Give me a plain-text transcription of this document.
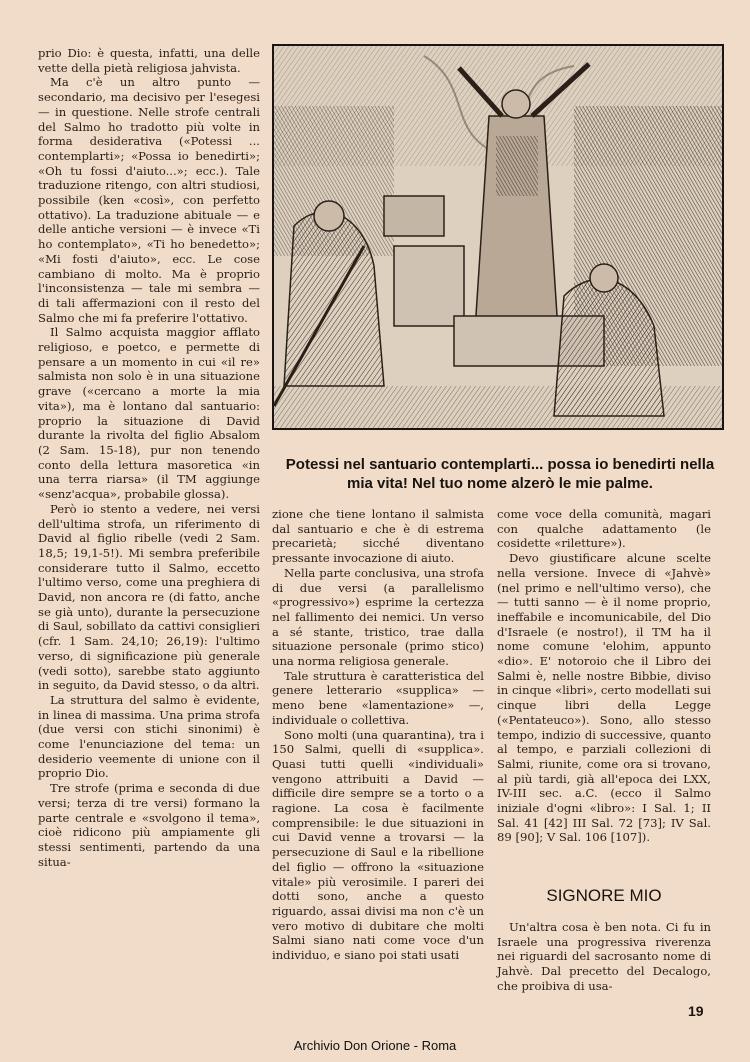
prio Dio: è questa, infatti, una delle vette della pietà religiosa jahvista.

Ma c'è un altro punto — secondario, ma decisivo per l'esegesi — in questione. Nelle strofe centrali del Salmo ho tradotto più volte in forma desiderativa («Potessi ... contemplarti»; «Possa io benedirti»; «Oh tu fossi d'aiuto...»; ecc.). Tale traduzione ritengo, con altri studiosi, possibile (ken «così», con perfetto ottativo). La traduzione abituale — e delle antiche versioni — è invece «Ti ho contemplato», «Ti ho benedetto»; «Mi fosti d'aiuto», ecc. Le cose cambiano di molto. Ma è proprio l'inconsistenza — tale mi sembra — di tali affermazioni con il resto del Salmo che mi fa preferire l'ottativo.

Il Salmo acquista maggior afflato religioso, e poetco, e permette di pensare a un momento in cui «il re» salmista non solo è in una situazione grave («cercano a morte la mia vita»), ma è lontano dal santuario: proprio la situazione di David durante la rivolta del figlio Absalom (2 Sam. 15-18), pur non tenendo conto della lettura masoretica «in una terra riarsa» (il TM aggiunge «senz'acqua», probabile glossa).

Però io stento a vedere, nei versi dell'ultima strofa, un riferimento di David al figlio ribelle (vedi 2 Sam. 18,5; 19,1-5!). Mi sembra preferibile considerare tutto il Salmo, eccetto l'ultimo verso, come una preghiera di David, non ancora re (di fatto, anche se già unto), durante la persecuzione di Saul, sobillato da cattivi consiglieri (cfr. 1 Sam. 24,10; 26,19): l'ultimo verso, di significazione più generale (vedi sotto), sarebbe stato aggiunto in seguito, da David stesso, o da altri.

La struttura del salmo è evidente, in linea di massima. Una prima strofa (due versi con stichi sinonimi) è come l'enunciazione del tema: un desiderio veemente di unione con il proprio Dio.

Tre strofe (prima e seconda di due versi; terza di tre versi) formano la parte centrale e «svolgono il tema», cioè ridicono più ampiamente gli stessi sentimenti, partendo da una situa-

Potessi nel santuario contemplarti... possa io benedirti nella mia vita! Nel tuo nome alzerò le mie palme.

zione che tiene lontano il salmista dal santuario e che è di estrema precarietà; sicché diventano pressante invocazione di aiuto.

Nella parte conclusiva, una strofa di due versi (a parallelismo «progressivo») esprime la certezza nel fallimento dei nemici. Un verso a sé stante, tristico, trae dalla situazione personale (primo stico) una norma religiosa generale.

Tale struttura è caratteristica del genere letterario «supplica» — meno bene «lamentazione» —, individuale o collettiva.

Sono molti (una quarantina), tra i 150 Salmi, quelli di «supplica». Quasi tutti quelli «individuali» vengono attribuiti a David — difficile dire sempre se a torto o a ragione. La cosa è facilmente comprensibile: le due situazioni in cui David venne a trovarsi — la persecuzione di Saul e la ribellione del figlio — offrono la «situazione vitale» più verosimile. I pareri dei dotti sono, anche a questo riguardo, assai divisi ma non c'è un vero motivo di dubitare che molti Salmi siano nati come voce d'un individuo, e siano poi stati usati

come voce della comunità, magari con qualche adattamento (le cosidette «riletture»).

Devo giustificare alcune scelte nella versione. Invece di «Jahvè» (nel primo e nell'ultimo verso), che — tutti sanno — è il nome proprio, ineffabile e incomunicabile, del Dio d'Israele (e nostro!), il TM ha il nome comune 'elohim, appunto «dio». E' notoroio che il Libro dei Salmi è, nelle nostre Bibbie, diviso in cinque «libri», certo modellati sui cinque libri della Legge («Pentateuco»). Sono, allo stesso tempo, indizio di successive, quanto al tempo, e parziali collezioni di Salmi, riunite, come ora si trovano, al più tardi, già all'epoca dei LXX, IV-III sec. a.C. (ecco il Salmo iniziale d'ogni «libro»: I Sal. 1; II Sal. 41 [42] III Sal. 72 [73]; IV Sal. 89 [90]; V Sal. 106 [107]).

SIGNORE MIO

Un'altra cosa è ben nota. Ci fu in Israele una progressiva riverenza nei riguardi del sacrosanto nome di Jahvè. Dal precetto del Decalogo, che proibiva di usa-

19
Archivio Don Orione - Roma
